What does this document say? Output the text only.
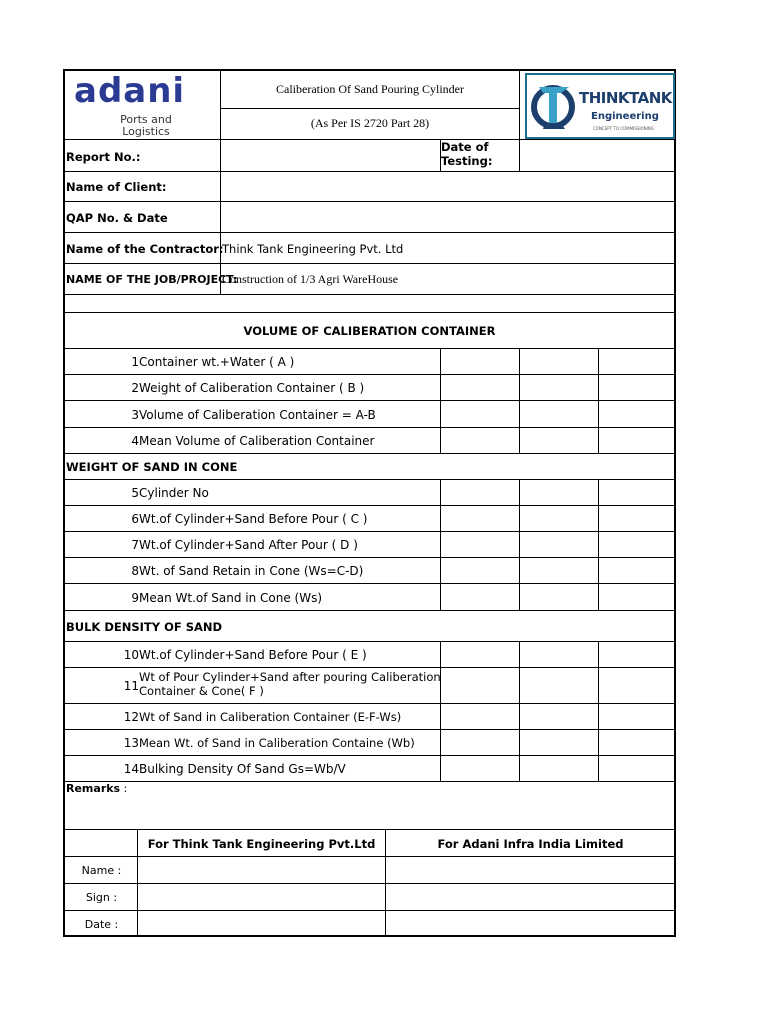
adani
Ports and
Logistics
Caliberation Of Sand Pouring Cylinder
(As Per IS 2720 Part 28)
THINKTANK
Engineering
CONCEPT TO COMMISSIONING
Report No.:
Date of Testing:
Name of Client:
QAP No. & Date
Name of the Contractor:
Think Tank Engineering Pvt. Ltd
NAME OF THE JOB/PROJECT:
Construction of 1/3 Agri WareHouse
VOLUME OF CALIBERATION CONTAINER
1 Container wt.+Water ( A )
2 Weight of Caliberation Container ( B )
3 Volume of Caliberation Container = A-B
4 Mean Volume of Caliberation Container
WEIGHT OF SAND IN CONE
5 Cylinder No
6 Wt.of Cylinder+Sand Before Pour ( C )
7 Wt.of Cylinder+Sand After Pour ( D )
8 Wt. of Sand Retain in Cone (Ws=C-D)
9 Mean Wt.of Sand in Cone (Ws)
BULK DENSITY OF SAND
10 Wt.of Cylinder+Sand Before Pour ( E )
11
Wt of Pour Cylinder+Sand after pouring Caliberation
Container & Cone( F )
12 Wt of Sand in Caliberation Container (E-F-Ws)
13 Mean Wt. of Sand in Caliberation Containe (Wb)
14 Bulking Density Of Sand Gs=Wb/V
Remarks :
For Think Tank Engineering Pvt.Ltd	For Adani Infra India Limited
Name :
Sign :
Date :
